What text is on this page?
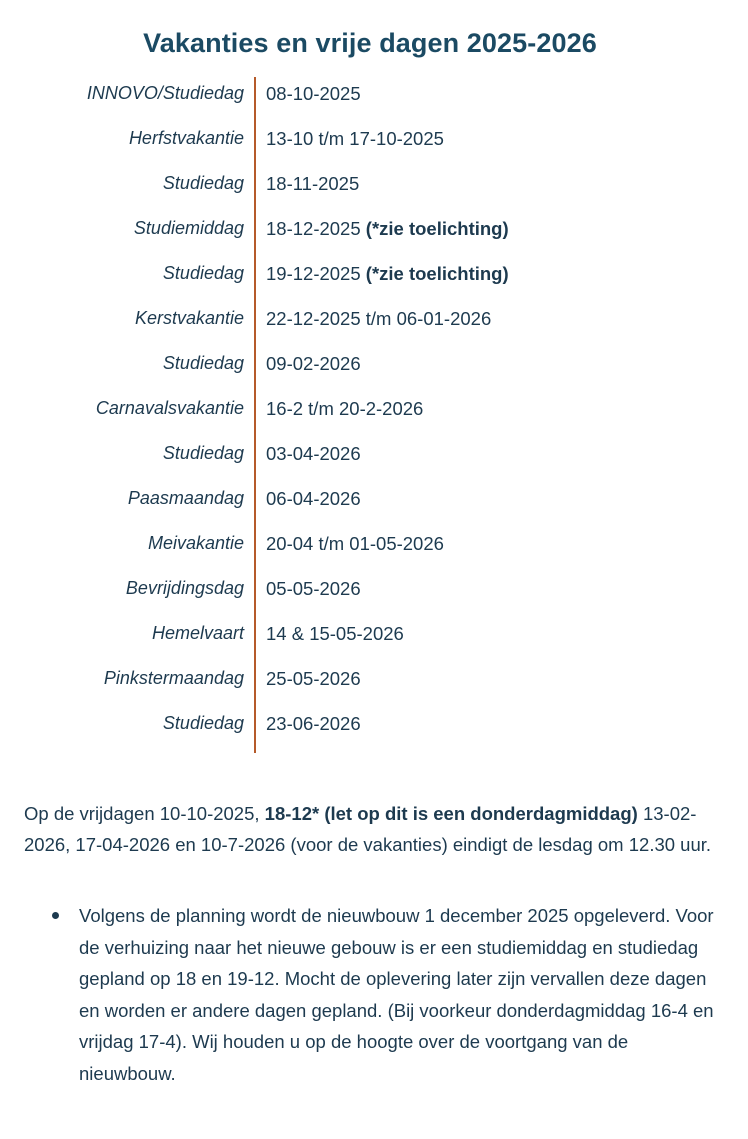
Vakanties en vrije dagen 2025-2026
INNOVO/Studiedag 08-10-2025
Herfstvakantie 13-10 t/m 17-10-2025
Studiedag 18-11-2025
Studiemiddag 18-12-2025 (*zie toelichting)
Studiedag 19-12-2025 (*zie toelichting)
Kerstvakantie 22-12-2025 t/m 06-01-2026
Studiedag 09-02-2026
Carnavalsvakantie 16-2 t/m 20-2-2026
Studiedag 03-04-2026
Paasmaandag 06-04-2026
Meivakantie 20-04 t/m 01-05-2026
Bevrijdingsdag 05-05-2026
Hemelvaart 14 & 15-05-2026
Pinkstermaandag 25-05-2026
Studiedag 23-06-2026

Op de vrijdagen 10-10-2025, 18-12* (let op dit is een donderdagmiddag) 13-02-2026, 17-04-2026 en 10-7-2026 (voor de vakanties) eindigt de lesdag om 12.30 uur.

Volgens de planning wordt de nieuwbouw 1 december 2025 opgeleverd. Voor de verhuizing naar het nieuwe gebouw is er een studiemiddag en studiedag gepland op 18 en 19-12. Mocht de oplevering later zijn vervallen deze dagen en worden er andere dagen gepland. (Bij voorkeur donderdagmiddag 16-4 en vrijdag 17-4). Wij houden u op de hoogte over de voortgang van de nieuwbouw.
